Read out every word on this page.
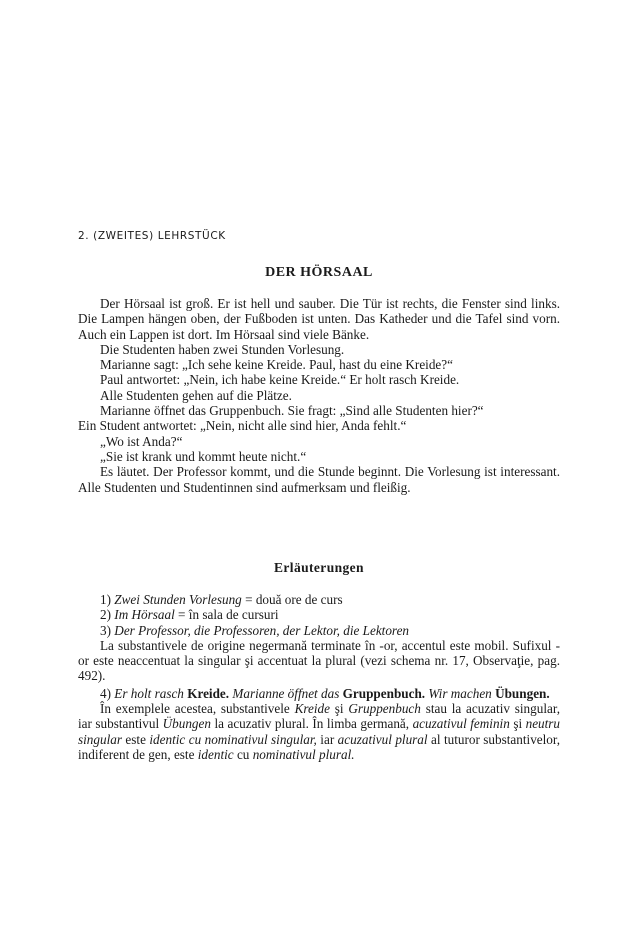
2. (ZWEITES) LEHRSTÜCK
DER HÖRSAAL

Der Hörsaal ist groß. Er ist hell und sauber. Die Tür ist rechts, die Fenster sind links. Die Lampen hängen oben, der Fußboden ist unten. Das Katheder und die Tafel sind vorn. Auch ein Lappen ist dort. Im Hörsaal sind viele Bänke.

Die Studenten haben zwei Stunden Vorlesung.

Marianne sagt: „Ich sehe keine Kreide. Paul, hast du eine Kreide?“

Paul antwortet: „Nein, ich habe keine Kreide.“ Er holt rasch Kreide.

Alle Studenten gehen auf die Plätze.

Marianne öffnet das Gruppenbuch. Sie fragt: „Sind alle Studenten hier?“

Ein Student antwortet: „Nein, nicht alle sind hier, Anda fehlt.“

„Wo ist Anda?“

„Sie ist krank und kommt heute nicht.“

Es läutet. Der Professor kommt, und die Stunde beginnt. Die Vorlesung ist interessant. Alle Studenten und Studentinnen sind aufmerksam und fleißig.

Erläuterungen

1) Zwei Stunden Vorlesung = două ore de curs

2) Im Hörsaal = în sala de cursuri

3) Der Professor, die Professoren, der Lektor, die Lektoren

La substantivele de origine negermană terminate în -or, accentul este mobil. Sufixul -or este neaccentuat la singular şi accentuat la plural (vezi schema nr. 17, Observaţie, pag. 492).

4) Er holt rasch Kreide. Marianne öffnet das Gruppenbuch. Wir machen Übungen.

În exemplele acestea, substantivele Kreide şi Gruppenbuch stau la acuzativ singular, iar substantivul Übungen la acuzativ plural. În limba germană, acuzativul feminin şi neutru singular este identic cu nominativul singular, iar acuzativul plural al tuturor substantivelor, indiferent de gen, este identic cu nominativul plural.
